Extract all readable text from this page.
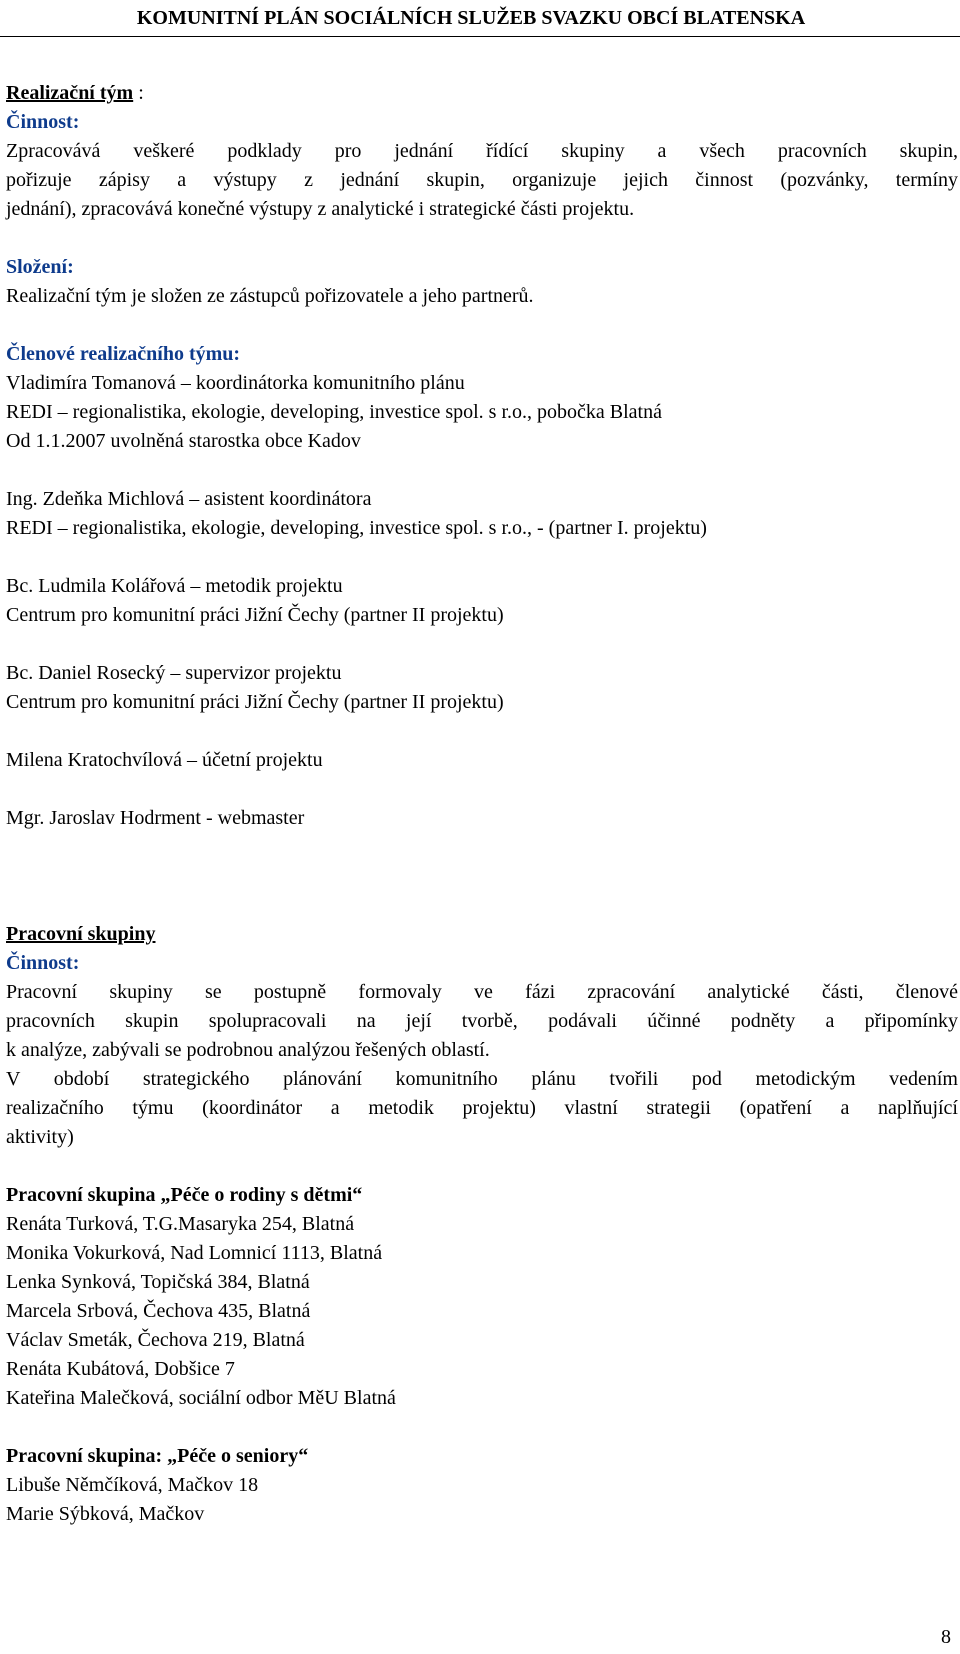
KOMUNITNÍ PLÁN SOCIÁLNÍCH SLUŽEB SVAZKU OBCÍ BLATENSKA

Realizační tým :

Činnost:

Zpracovává veškeré podklady pro jednání řídící skupiny a všech pracovních skupin,

pořizuje zápisy a výstupy z jednání skupin, organizuje jejich činnost (pozvánky, termíny

jednání), zpracovává konečné výstupy z analytické i strategické části projektu.

Složení:

Realizační tým je složen ze zástupců pořizovatele a jeho partnerů.

Členové realizačního týmu:

Vladimíra Tomanová – koordinátorka komunitního plánu

REDI – regionalistika, ekologie, developing, investice spol. s r.o., pobočka Blatná

Od 1.1.2007 uvolněná starostka obce Kadov

Ing. Zdeňka Michlová – asistent koordinátora

REDI – regionalistika, ekologie, developing, investice spol. s r.o., - (partner I. projektu)

Bc. Ludmila Kolářová – metodik projektu

Centrum pro komunitní práci Jižní Čechy (partner II projektu)

Bc. Daniel Rosecký – supervizor projektu

Centrum pro komunitní práci Jižní Čechy (partner II projektu)

Milena Kratochvílová – účetní projektu

Mgr. Jaroslav Hodrment - webmaster

Pracovní skupiny

Činnost:

Pracovní skupiny se postupně formovaly ve fázi zpracování analytické části, členové

pracovních skupin spolupracovali na její tvorbě, podávali účinné podněty a připomínky

k analýze, zabývali se podrobnou analýzou řešených oblastí.

V období strategického plánování komunitního plánu tvořili pod metodickým vedením

realizačního týmu (koordinátor a metodik projektu) vlastní strategii (opatření a naplňující

aktivity)

Pracovní skupina „Péče o rodiny s dětmi“

Renáta Turková, T.G.Masaryka 254, Blatná

Monika Vokurková, Nad Lomnicí 1113, Blatná

Lenka Synková, Topičská 384, Blatná

Marcela Srbová, Čechova 435, Blatná

Václav Smeták, Čechova 219, Blatná

Renáta Kubátová, Dobšice 7

Kateřina Malečková, sociální odbor MěU Blatná

Pracovní skupina: „Péče o seniory“

Libuše Němčíková, Mačkov 18

Marie Sýbková, Mačkov

8
